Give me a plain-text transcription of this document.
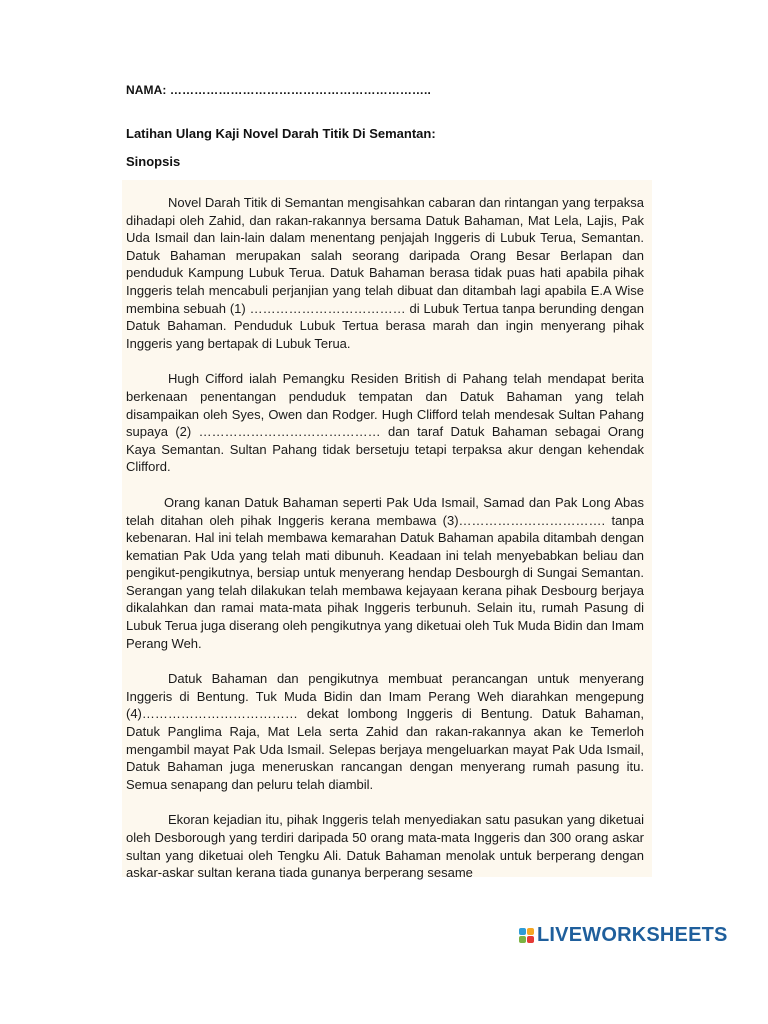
NAMA: ………………………………………………………..
Latihan Ulang Kaji Novel Darah Titik Di Semantan:
Sinopsis

Novel Darah Titik di Semantan mengisahkan cabaran dan rintangan yang terpaksa dihadapi oleh Zahid, dan rakan-rakannya bersama Datuk Bahaman, Mat Lela, Lajis, Pak Uda Ismail dan lain-lain dalam menentang penjajah Inggeris di Lubuk Terua, Semantan. Datuk Bahaman merupakan salah seorang daripada Orang Besar Berlapan dan penduduk Kampung Lubuk Terua. Datuk Bahaman berasa tidak puas hati apabila pihak Inggeris telah mencabuli perjanjian yang telah dibuat dan ditambah lagi apabila E.A Wise membina sebuah (1) ……………………………… di Lubuk Tertua tanpa berunding dengan Datuk Bahaman. Penduduk Lubuk Tertua berasa marah dan ingin menyerang pihak Inggeris yang bertapak di Lubuk Terua.

Hugh Cifford ialah Pemangku Residen British di Pahang telah mendapat berita berkenaan penentangan penduduk tempatan dan Datuk Bahaman yang telah disampaikan oleh Syes, Owen dan Rodger. Hugh Clifford telah mendesak Sultan Pahang supaya (2) …………………………………… dan taraf Datuk Bahaman sebagai Orang Kaya Semantan. Sultan Pahang tidak bersetuju tetapi terpaksa akur dengan kehendak Clifford.

Orang kanan Datuk Bahaman seperti Pak Uda Ismail, Samad dan Pak Long Abas telah ditahan oleh pihak Inggeris kerana membawa (3)……………………………. tanpa kebenaran. Hal ini telah membawa kemarahan Datuk Bahaman apabila ditambah dengan kematian Pak Uda yang telah mati dibunuh. Keadaan ini telah menyebabkan beliau dan pengikut-pengikutnya, bersiap untuk menyerang hendap Desbourgh di Sungai Semantan. Serangan yang telah dilakukan telah membawa kejayaan kerana pihak Desbourg berjaya dikalahkan dan ramai mata-mata pihak Inggeris terbunuh. Selain itu, rumah Pasung di Lubuk Terua juga diserang oleh pengikutnya yang diketuai oleh Tuk Muda Bidin dan Imam Perang Weh.

Datuk Bahaman dan pengikutnya membuat perancangan untuk menyerang Inggeris di Bentung. Tuk Muda Bidin dan Imam Perang Weh diarahkan mengepung (4)……………………………… dekat lombong Inggeris di Bentung. Datuk Bahaman, Datuk Panglima Raja, Mat Lela serta Zahid dan rakan-rakannya akan ke Temerloh mengambil mayat Pak Uda Ismail. Selepas berjaya mengeluarkan mayat Pak Uda Ismail, Datuk Bahaman juga meneruskan rancangan dengan menyerang rumah pasung itu. Semua senapang dan peluru telah diambil.

Ekoran kejadian itu, pihak Inggeris telah menyediakan satu pasukan yang diketuai oleh Desborough yang terdiri daripada 50 orang mata-mata Inggeris dan 300 orang askar sultan yang diketuai oleh Tengku Ali. Datuk Bahaman menolak untuk berperang dengan askar-askar sultan kerana tiada gunanya berperang sesame

LIVEWORKSHEETS
